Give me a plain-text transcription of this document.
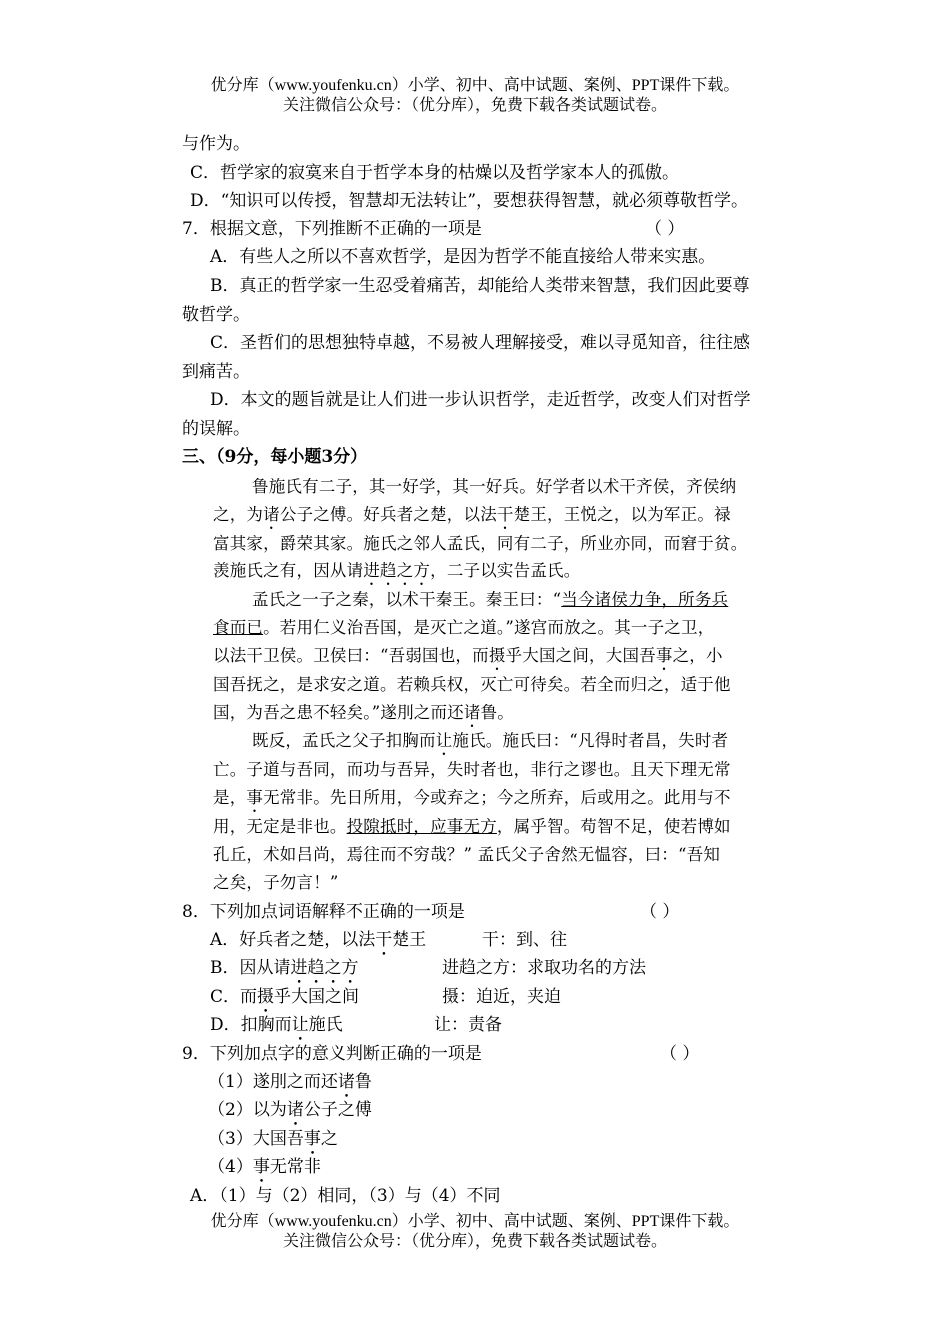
优分库（www.youfenku.cn）小学、初中、高中试题、案例、PPT课件下载。
关注微信公众号：（优分库），免费下载各类试题试卷。
与作为。
C．哲学家的寂寞来自于哲学本身的枯燥以及哲学家本人的孤傲。
D．“知识可以传授，智慧却无法转让”，要想获得智慧，就必须尊敬哲学。
7．根据文意，下列推断不正确的一项是	（ ）
A．有些人之所以不喜欢哲学，是因为哲学不能直接给人带来实惠。
B．真正的哲学家一生忍受着痛苦，却能给人类带来智慧，我们因此要尊
敬哲学。
C．圣哲们的思想独特卓越，不易被人理解接受，难以寻觅知音，往往感
到痛苦。
D．本文的题旨就是让人们进一步认识哲学，走近哲学，改变人们对哲学
的误解。
三、（9分，每小题3分）
鲁施氏有二子，其一好学，其一好兵。好学者以术干齐侯，齐侯纳
之，为诸公子之傅。好兵者之楚，以法干楚王，王悦之，以为军正。禄
富其家，爵荣其家。施氏之邻人孟氏，同有二子，所业亦同，而窘于贫。
羡施氏之有，因从请进趋之方，二子以实告孟氏。
孟氏之一子之秦，以术干秦王。秦王曰：“当今诸侯力争，所务兵
食而已。若用仁义治吾国，是灭亡之道。”遂宫而放之。其一子之卫，
以法干卫侯。卫侯曰：“吾弱国也，而摄乎大国之间，大国吾事之，小
国吾抚之，是求安之道。若赖兵权，灭亡可待矣。若全而归之，适于他
国，为吾之患不轻矣。”遂刖之而还诸鲁。
既反，孟氏之父子扣胸而让施氏。施氏曰：“凡得时者昌，失时者
亡。子道与吾同，而功与吾异，失时者也，非行之谬也。且天下理无常
是，事无常非。先日所用，今或弃之；今之所弃，后或用之。此用与不
用，无定是非也。投隙抵时，应事无方，属乎智。苟智不足，使若博如
孔丘，术如吕尚，焉往而不穷哉？” 孟氏父子舍然无愠容，曰：“吾知
之矣，子勿言！”
8．下列加点词语解释不正确的一项是	（ ）
A．好兵者之楚，以法干楚王	干：到、往
B．因从请进趋之方	进趋之方：求取功名的方法
C．而摄乎大国之间	摄：迫近，夹迫
D．扣胸而让施氏	让：责备
9．下列加点字的意义判断正确的一项是	（ ）
（1）遂刖之而还诸鲁
（2）以为诸公子之傅
（3）大国吾事之
（4）事无常非
A．（1）与（2）相同，（3）与（4）不同
优分库（www.youfenku.cn）小学、初中、高中试题、案例、PPT课件下载。
关注微信公众号：（优分库），免费下载各类试题试卷。
